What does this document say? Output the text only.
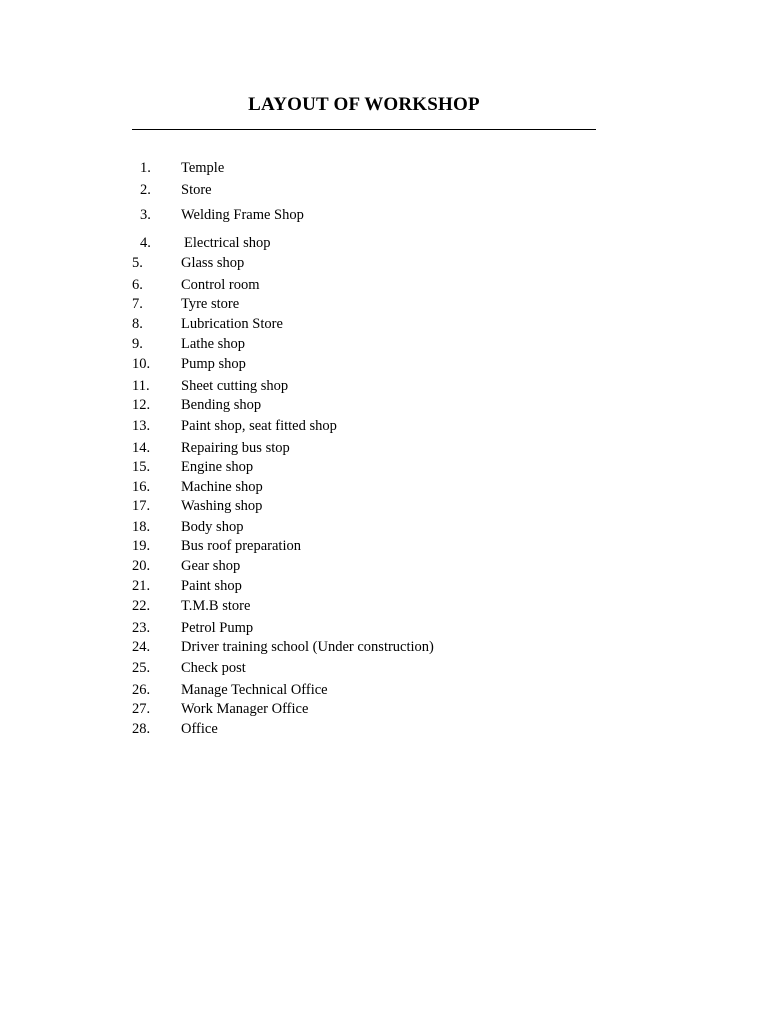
LAYOUT OF WORKSHOP
1. Temple
2. Store
3. Welding Frame Shop
4. Electrical shop
5.	Glass shop
6.	Control room
7.	Tyre store
8.	Lubrication Store
9.	Lathe shop
10. Pump shop
11. Sheet cutting shop
12. Bending shop
13. Paint shop, seat fitted shop
14. Repairing bus stop
15. Engine shop
16. Machine shop
17. Washing shop
18. Body shop
19. Bus roof preparation
20. Gear shop
21. Paint shop
22. T.M.B store
23. Petrol Pump
24. Driver training school (Under construction)
25. Check post
26. Manage Technical Office
27. Work Manager Office
28. Office
